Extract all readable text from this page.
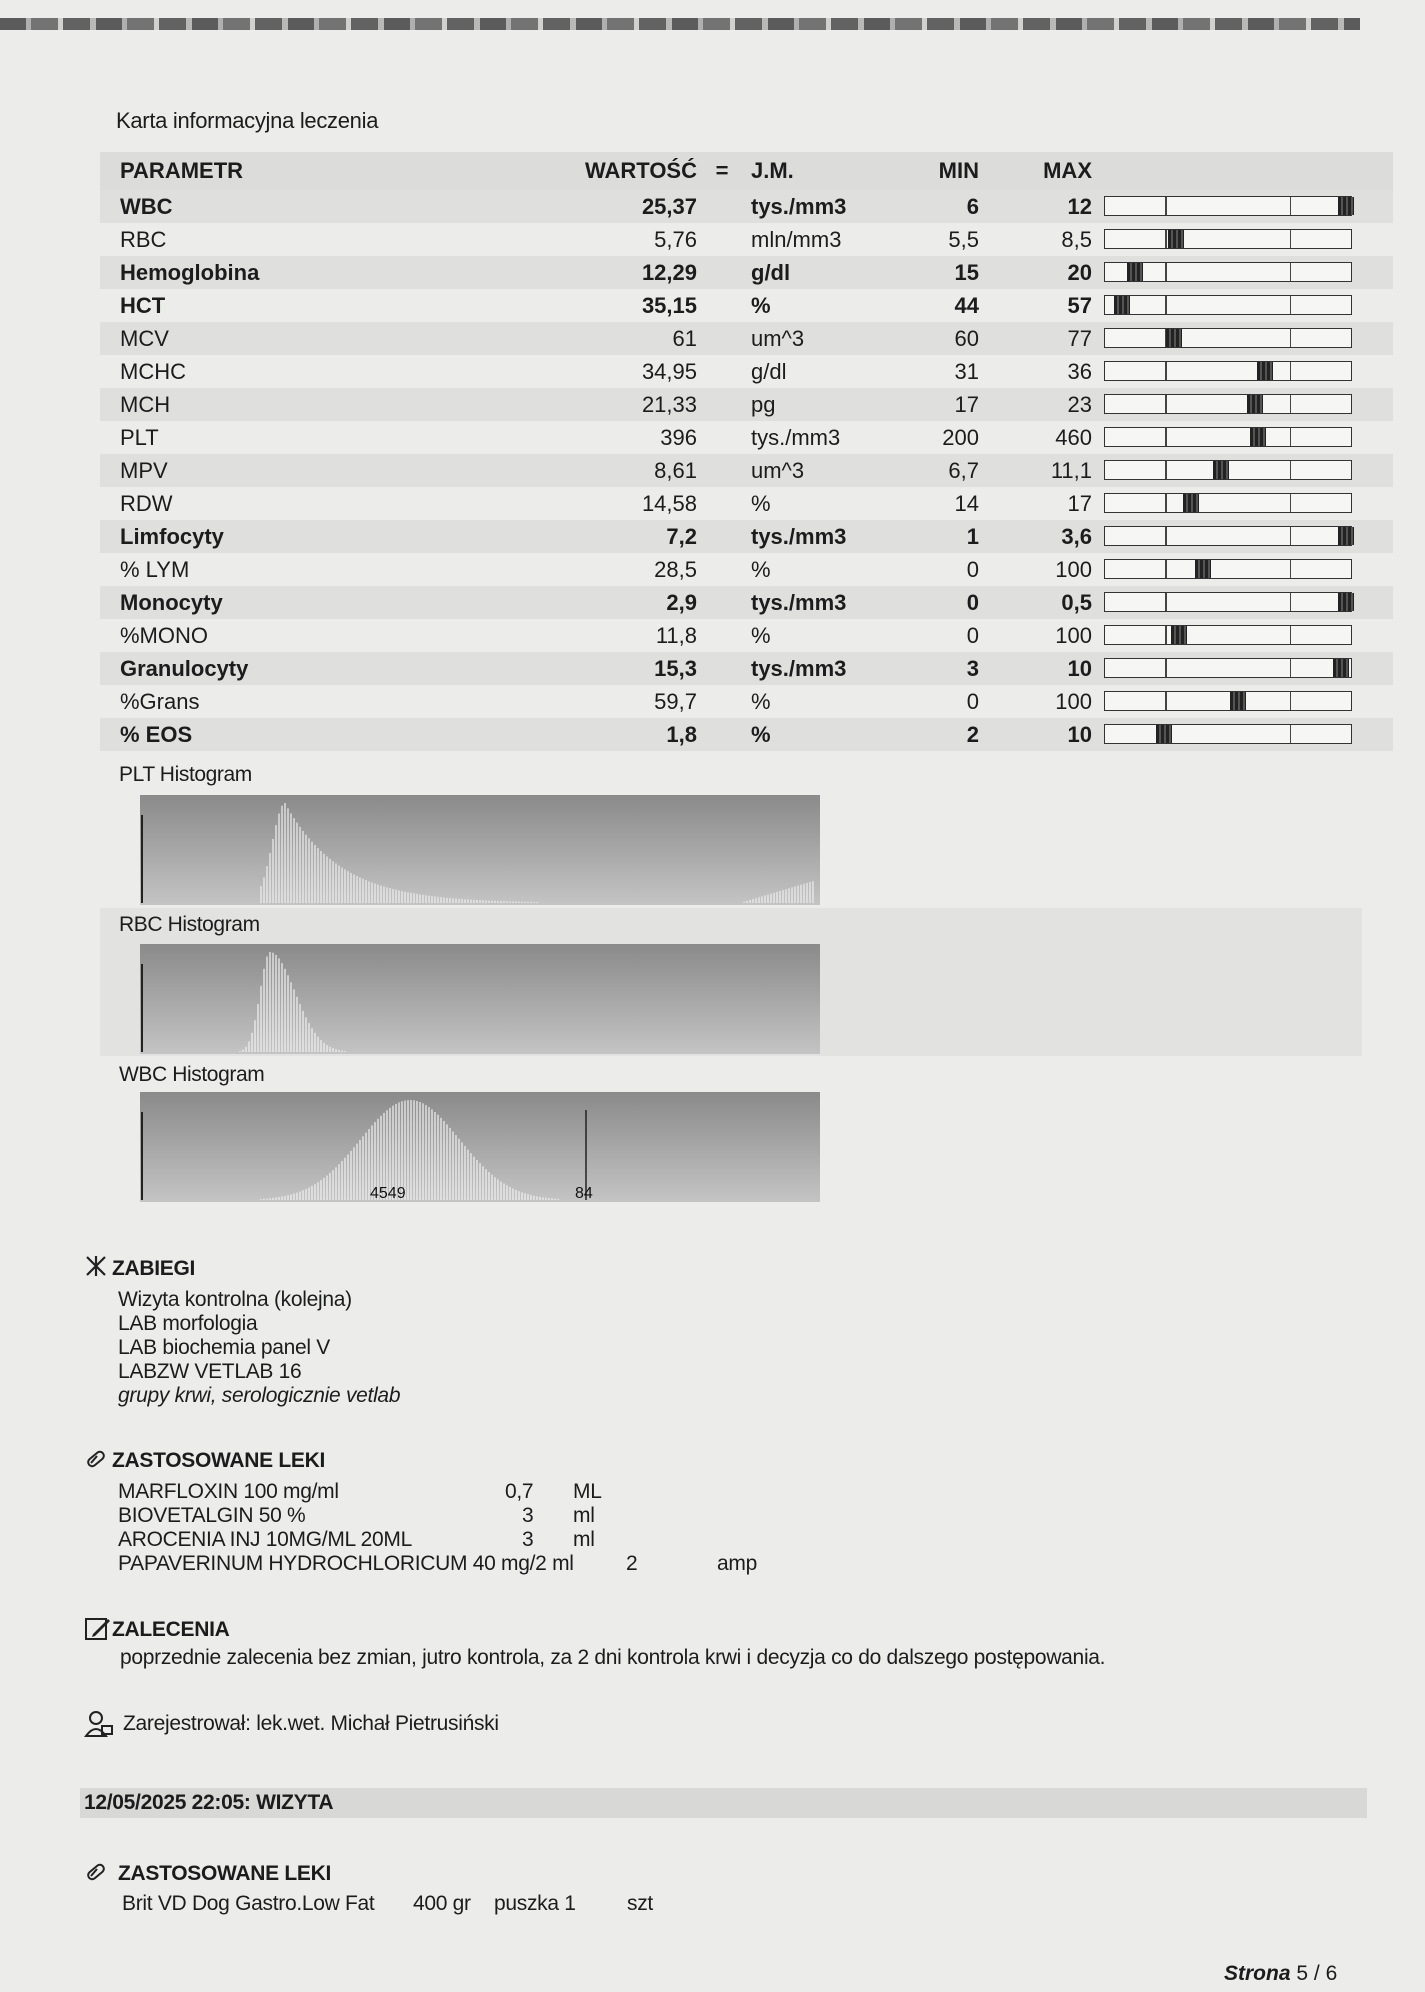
Karta informacyjna leczenia
PARAMETR	WARTOŚĆ	=	J.M.	MIN	MAX	
WBC	25,37		tys./mm3	6	12	

RBC	5,76		mln/mm3	5,5	8,5	

Hemoglobina	12,29		g/dl	15	20	

HCT	35,15		%	44	57	

MCV	61		um^3	60	77	

MCHC	34,95		g/dl	31	36	

MCH	21,33		pg	17	23	

PLT	396		tys./mm3	200	460	

MPV	8,61		um^3	6,7	11,1	

RDW	14,58		%	14	17	

Limfocyty	7,2		tys./mm3	1	3,6	

% LYM	28,5		%	0	100	

Monocyty	2,9		tys./mm3	0	0,5	

%MONO	11,8		%	0	100	

Granulocyty	15,3		tys./mm3	3	10	

%Grans	59,7		%	0	100	

% EOS	1,8		%	2	10	
PLT Histogram
RBC Histogram
WBC Histogram
4549	84
ZABIEGI
Wizyta kontrolna (kolejna)
LAB morfologia
LAB biochemia panel V
LABZW VETLAB 16
grupy krwi, serologicznie vetlab
ZASTOSOWANE LEKI
MARFLOXIN 100 mg/ml	0,7 ML
BIOVETALGIN 50 %	3 ml
AROCENIA INJ 10MG/ML 20ML	3 ml
PAPAVERINUM HYDROCHLORICUM 40 mg/2 ml 2	amp
ZALECENIA
poprzednie zalecenia bez zmian, jutro kontrola, za 2 dni kontrola krwi i decyzja co do dalszego postępowania.
Zarejestrował: lek.wet. Michał Pietrusiński
12/05/2025 22:05: WIZYTA
ZASTOSOWANE LEKI
Brit VD Dog Gastro.Low Fat 400 gr puszka 1 szt
Strona 5 / 6
